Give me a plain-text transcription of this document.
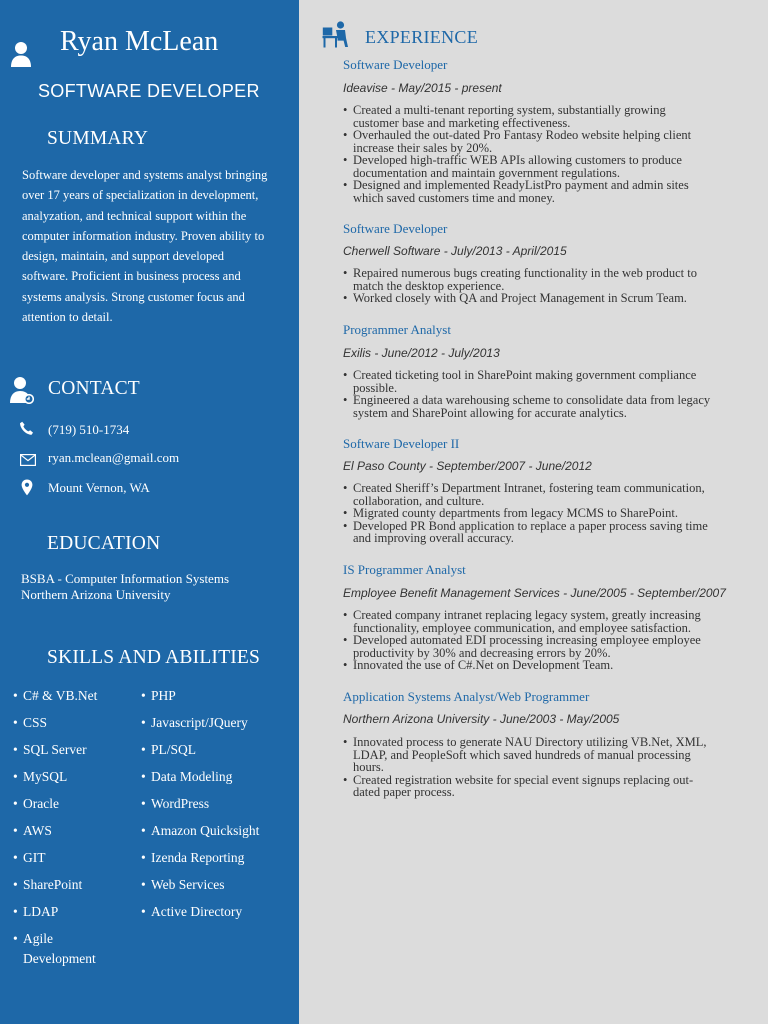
Ryan McLean
SOFTWARE DEVELOPER
SUMMARY
Software developer and systems analyst bringing over 17 years of specialization in development, analyzation, and technical support within the computer information industry. Proven ability to design, maintain, and support developed software. Proficient in business process and systems analysis. Strong customer focus and attention to detail.
CONTACT
(719) 510-1734
ryan.mclean@gmail.com
Mount Vernon, WA
EDUCATION
BSBA - Computer Information Systems
Northern Arizona University
SKILLS AND ABILITIES
• C# & VB.Net
• CSS
• SQL Server
• MySQL
• Oracle
• AWS
• GIT
• SharePoint
• LDAP
• Agile
Development
• PHP
• Javascript/JQuery
• PL/SQL
• Data Modeling
• WordPress
• Amazon Quicksight
• Izenda Reporting
• Web Services
• Active Directory
EXPERIENCE
Software Developer
Ideavise - May/2015 - present
• Created a multi-tenant reporting system, substantially growing
customer base and marketing effectiveness.
• Overhauled the out-dated Pro Fantasy Rodeo website helping client
increase their sales by 20%.
• Developed high-traffic WEB APIs allowing customers to produce
documentation and maintain government regulations.
• Designed and implemented ReadyListPro payment and admin sites
which saved customers time and money.
Software Developer
Cherwell Software - July/2013 - April/2015
• Repaired numerous bugs creating functionality in the web product to
match the desktop experience.
• Worked closely with QA and Project Management in Scrum Team.
Programmer Analyst
Exilis - June/2012 - July/2013
• Created ticketing tool in SharePoint making government compliance
possible.
• Engineered a data warehousing scheme to consolidate data from legacy
system and SharePoint allowing for accurate analytics.
Software Developer II
El Paso County - September/2007 - June/2012
• Created Sheriff’s Department Intranet, fostering team communication,
collaboration, and culture.
• Migrated county departments from legacy MCMS to SharePoint.
• Developed PR Bond application to replace a paper process saving time
and improving overall accuracy.
IS Programmer Analyst
Employee Benefit Management Services - June/2005 - September/2007
• Created company intranet replacing legacy system, greatly increasing
functionality, employee communication, and employee satisfaction.
• Developed automated EDI processing increasing employee employee
productivity by 30% and decreasing errors by 20%.
• Innovated the use of C#.Net on Development Team.
Application Systems Analyst/Web Programmer
Northern Arizona University - June/2003 - May/2005
• Innovated process to generate NAU Directory utilizing VB.Net, XML,
LDAP, and PeopleSoft which saved hundreds of manual processing
hours.
• Created registration website for special event signups replacing out-
dated paper process.
